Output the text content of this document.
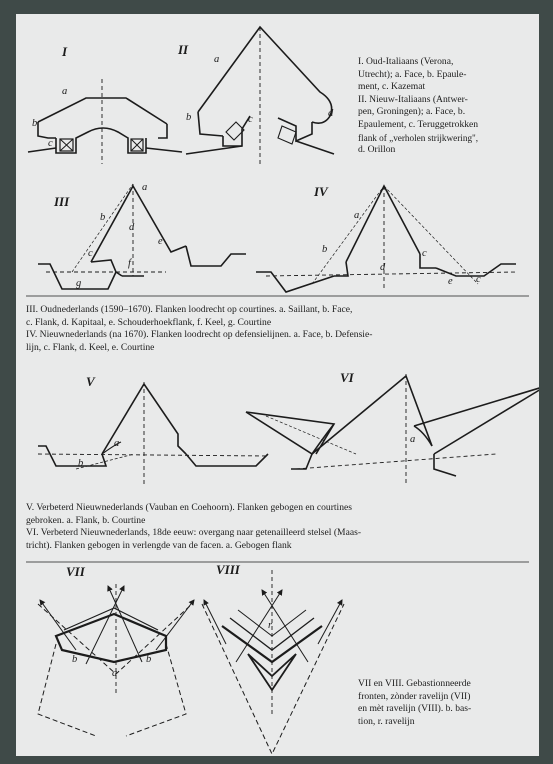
I	II
III
IV
V	VI
VII	VIII
a
b
c
a
b	c
d
a
b
c
d
e
f
g
a
b	c
d
e c
a
b
a
b	b
a
r
I. Oud-Italiaans (Verona,
Utrecht); a. Face, b. Epaule-
ment, c. Kazemat
II. Nieuw-Italiaans (Antwer-
pen, Groningen); a. Face, b.
Epaulement, c. Teruggetrokken
flank of „verholen strijkwering",
d. Orillon
III. Oudnederlands (1590–1670). Flanken loodrecht op courtines. a. Saillant, b. Face,
c. Flank, d. Kapitaal, e. Schouderhoekflank, f. Keel, g. Courtine
IV. Nieuwnederlands (na 1670). Flanken loodrecht op defensielijnen. a. Face, b. Defensie-
lijn, c. Flank, d. Keel, e. Courtine
V. Verbeterd Nieuwnederlands (Vauban en Coehoorn). Flanken gebogen en courtines
gebroken. a. Flank, b. Courtine
VI. Verbeterd Nieuwnederlands, 18de eeuw: overgang naar getenailleerd stelsel (Maas-
tricht). Flanken gebogen in verlengde van de facen. a. Gebogen flank
VII en VIII. Gebastionneerde
fronten, zònder ravelijn (VII)
en mèt ravelijn (VIII). b. bas-
tion, r. ravelijn
